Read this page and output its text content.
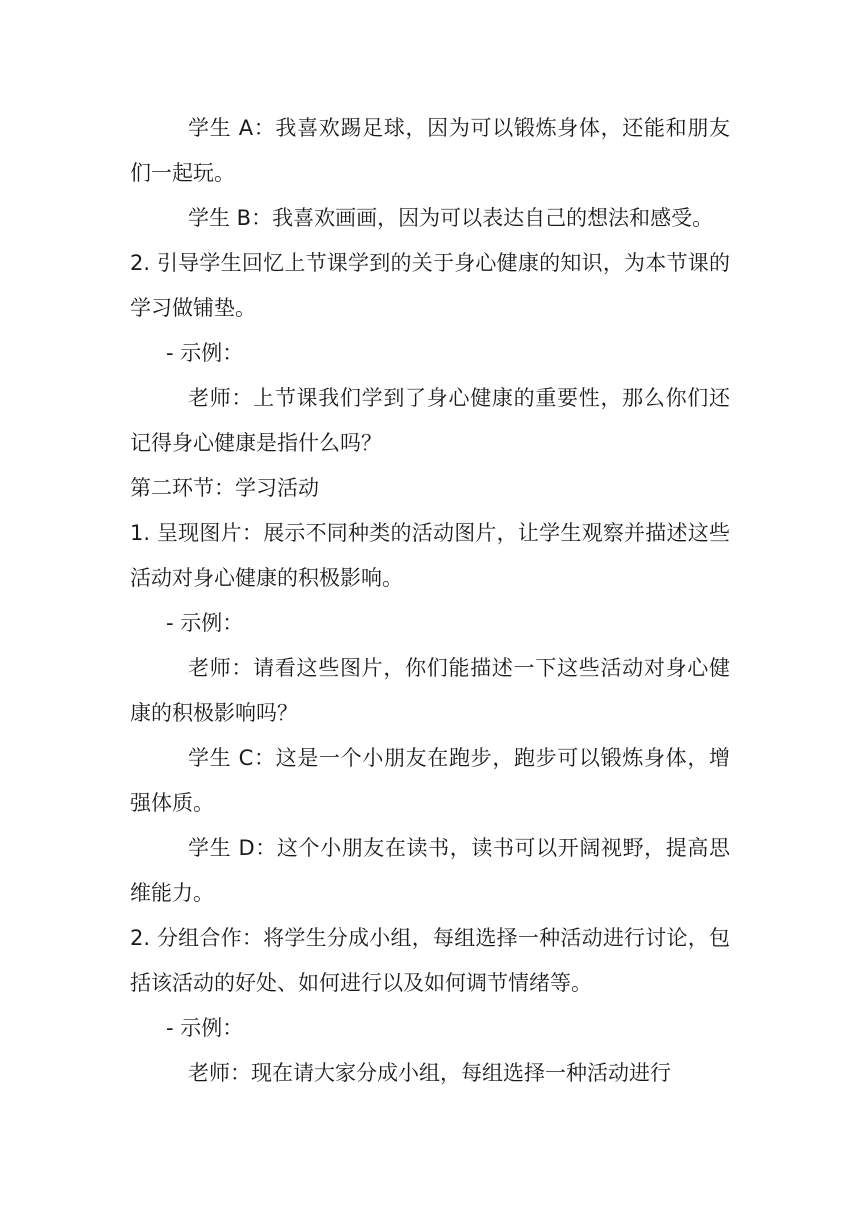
学生 A：我喜欢踢足球，因为可以锻炼身体，还能和朋友们一起玩。

学生 B：我喜欢画画，因为可以表达自己的想法和感受。

2. 引导学生回忆上节课学到的关于身心健康的知识，为本节课的学习做铺垫。

- 示例：

老师：上节课我们学到了身心健康的重要性，那么你们还记得身心健康是指什么吗？

第二环节：学习活动

1. 呈现图片：展示不同种类的活动图片，让学生观察并描述这些活动对身心健康的积极影响。

- 示例：

老师：请看这些图片，你们能描述一下这些活动对身心健康的积极影响吗？

学生 C：这是一个小朋友在跑步，跑步可以锻炼身体，增强体质。

学生 D：这个小朋友在读书，读书可以开阔视野，提高思维能力。

2. 分组合作：将学生分成小组，每组选择一种活动进行讨论，包括该活动的好处、如何进行以及如何调节情绪等。

- 示例：

老师：现在请大家分成小组，每组选择一种活动进行
